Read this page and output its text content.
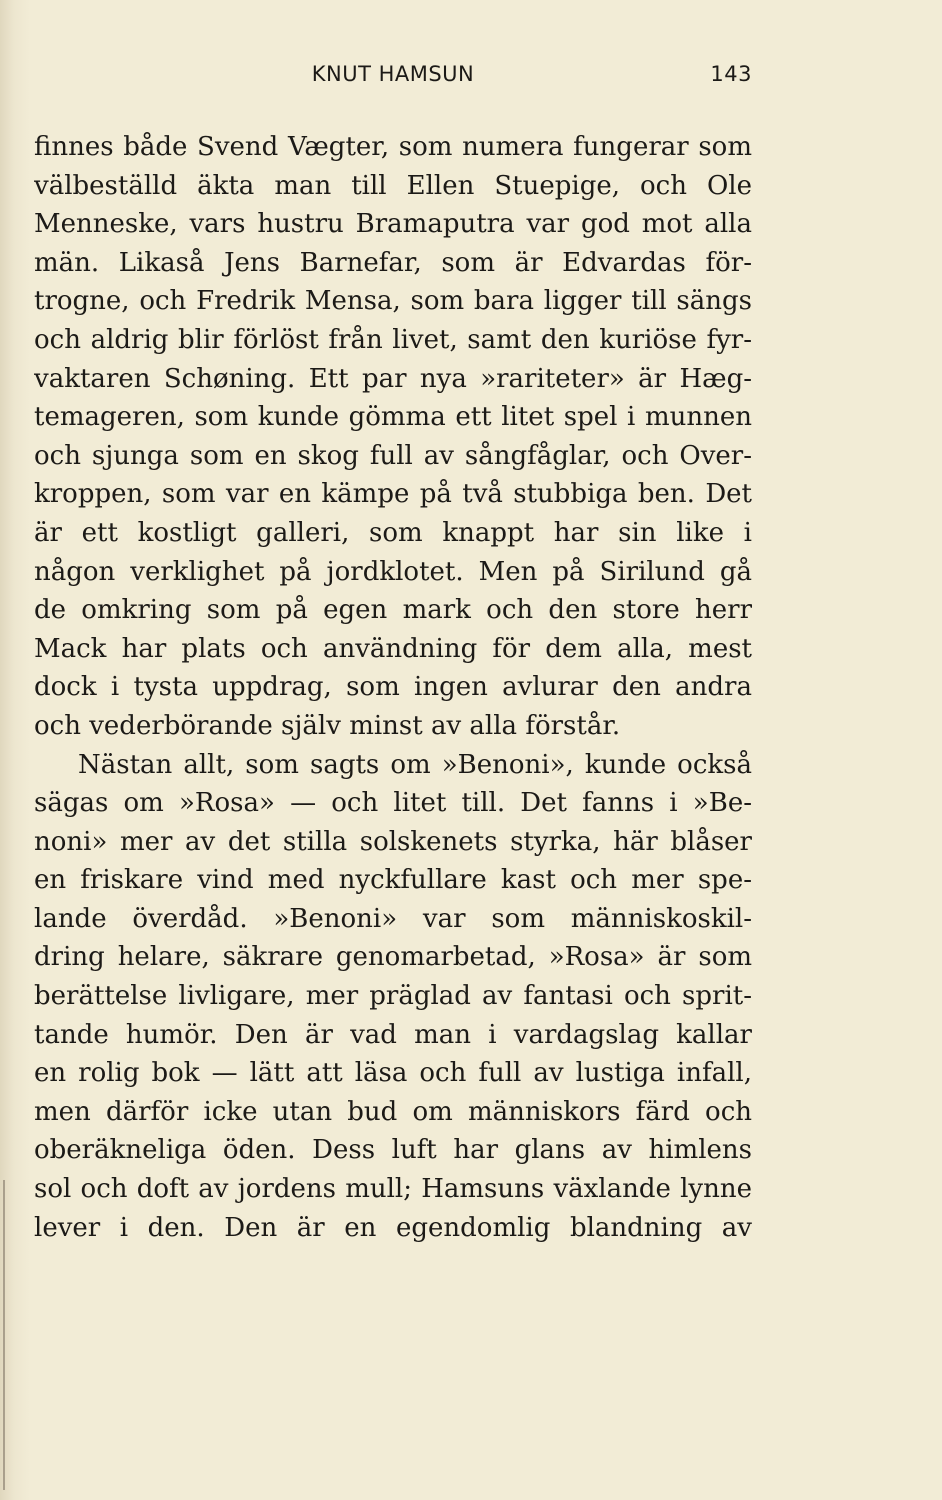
KNUT HAMSUN	143
finnes både Svend Vægter, som numera fungerar som
välbeställd äkta man till Ellen Stuepige, och Ole
Menneske, vars hustru Bramaputra var god mot alla
män. Likaså Jens Barnefar, som är Edvardas för-
trogne, och Fredrik Mensa, som bara ligger till sängs
och aldrig blir förlöst från livet, samt den kuriöse fyr-
vaktaren Schøning. Ett par nya »rariteter» är Hæg-
temageren, som kunde gömma ett litet spel i munnen
och sjunga som en skog full av sångfåglar, och Over-
kroppen, som var en kämpe på två stubbiga ben. Det
är ett kostligt galleri, som knappt har sin like i
någon verklighet på jordklotet. Men på Sirilund gå
de omkring som på egen mark och den store herr
Mack har plats och användning för dem alla, mest
dock i tysta uppdrag, som ingen avlurar den andra
och vederbörande själv minst av alla förstår.
Nästan allt, som sagts om »Benoni», kunde också
sägas om »Rosa» — och litet till. Det fanns i »Be-
noni» mer av det stilla solskenets styrka, här blåser
en friskare vind med nyckfullare kast och mer spe-
lande överdåd. »Benoni» var som människoskil-
dring helare, säkrare genomarbetad, »Rosa» är som
berättelse livligare, mer präglad av fantasi och sprit-
tande humör. Den är vad man i vardagslag kallar
en rolig bok — lätt att läsa och full av lustiga infall,
men därför icke utan bud om människors färd och
oberäkneliga öden. Dess luft har glans av himlens
sol och doft av jordens mull; Hamsuns växlande lynne
lever i den. Den är en egendomlig blandning av
